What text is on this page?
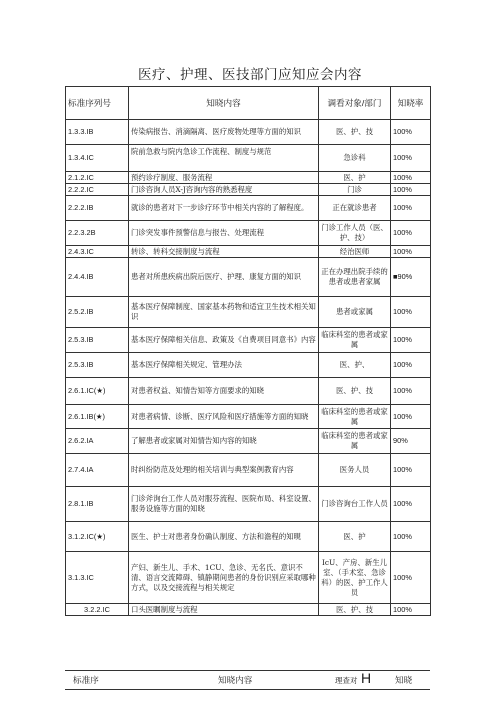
医疗、护理、医技部门应知应会内容
标准序列号	知晓内容	调看对象/部门	知晓率
1.3.3.IB	传染病报告、消滴隔离、医疗废物处理等方面的知识	医、护、技	100%
1.3.4.IC	院前急救与院内急诊工作流程、制度与规范	急诊科	100%
2.1.2.IC	预约诊疗制度、服务流程	医、护	100%
2.2.2.IC	门诊咨询人员X-J咨询内容的熟悉程度	门诊	100%
2.2.2.IB	就诊的患者对下一步诊疗环节中相关内容的了解程度。	正在就诊患者	100%
2.2.3.2B	门诊突发事件预警信息与报告、处理流程	门诊工作人员（医、护、技）	100%
2.4.3.IC	转诊、转科交接制度与流程	经治医师	100%
2.4.4.IB	患者对所患疾病出院后医疗、护理、康复方面的知识	正在办理出院手续的患者或患者家属	■90%
2.5.2.IB	基本医疗保障制度、国家基本药物和适宜卫生技术相关知识	患者或家属	100%
2.5.3.IB	基本医疗保障相关信息、政策及《自费项目同意书》内容	临床科室的患者或家属	100%
2.5.3.IB	基本医疗保障相关规定、管理办法	医、护、	100%
2.6.1.IC(★)	对患者权益、知情告知等方面要求的知晓	医、护、技	100%
2.6.1.IB(★)	对患者病情、诊断、医疗风险和医疗措施等方面的知晓	临床科室的患者或家属	100%
2.6.2.IA	了解患者或家属对知情告知内容的知晓	临床科室的患者或家属	90%
2.7.4.IA	时纠纷防范及处理的相关培训与典型案例教育内容	医务人员	100%
2.8.1.IB	门诊斧询台工作人员对服芬流程、医院布局、科室设置、服务设施等方面的知晓	门诊咨询台工作人员	100%
3.1.2.IC(★)	医生、护士对患者身份确认制度、方法和澹程的知晛	医、护	100%
3.1.3.IC	产妇、新生儿、手术、1CU、急诊、无名氏、意识不清、语言交流障碍、镇静期间患者的身份识别应采取哪种方式，以及交接流程与相关规定	IcU、产房、新生儿室、（手术室、急诊科）的医、护工作人员	100%
3.2.2.IC	口头医瞩制度与流程	医、护、技	100%
标准序	知晓内容	理查对 H	知晓
